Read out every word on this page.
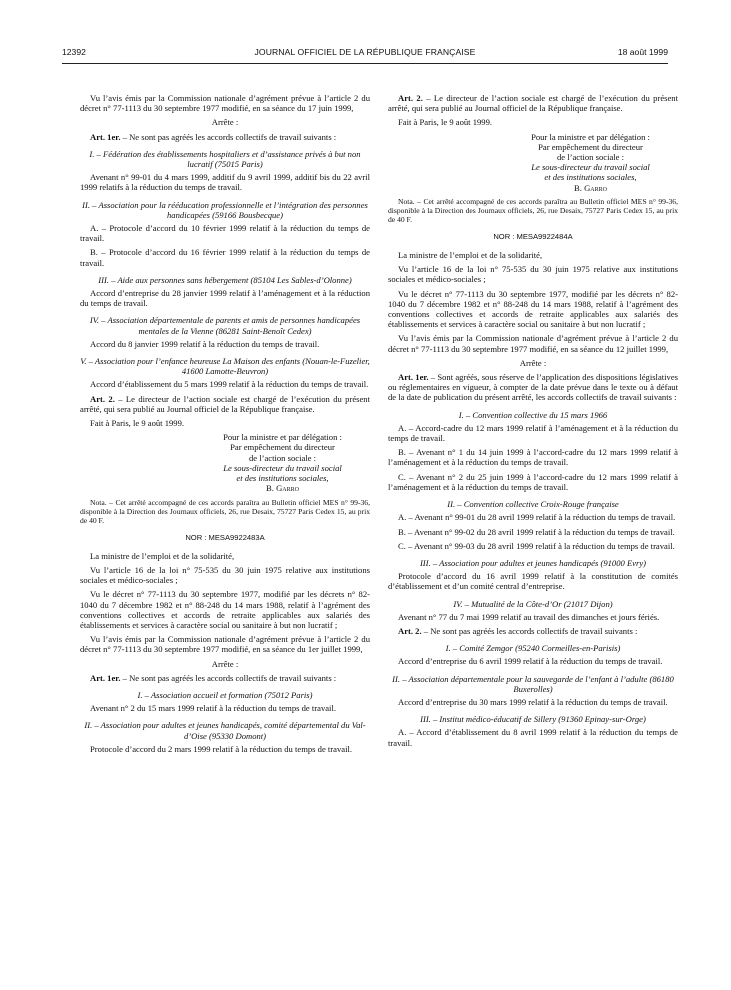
12392	JOURNAL OFFICIEL DE LA RÉPUBLIQUE FRANÇAISE	18 août 1999

Vu l’avis émis par la Commission nationale d’agrément prévue à l’article 2 du décret n° 77-1113 du 30 septembre 1977 modifié, en sa séance du 17 juin 1999,

Arrête :

Art. 1er. – Ne sont pas agréés les accords collectifs de travail suivants :

I. – Fédération des établissements hospitaliers et d’assistance privés à but non lucratif (75015 Paris)

Avenant n° 99-01 du 4 mars 1999, additif du 9 avril 1999, additif bis du 22 avril 1999 relatifs à la réduction du temps de travail.

II. – Association pour la rééducation professionnelle et l’intégration des personnes handicapées (59166 Bousbecque)

A. – Protocole d’accord du 10 février 1999 relatif à la réduction du temps de travail.

B. – Protocole d’accord du 16 février 1999 relatif à la réduction du temps de travail.

III. – Aide aux personnes sans hébergement (85104 Les Sables-d’Olonne)

Accord d’entreprise du 28 janvier 1999 relatif à l’aménagement et à la réduction du temps de travail.

IV. – Association départementale de parents et amis de personnes handicapées mentales de la Vienne (86281 Saint-Benoît Cedex)

Accord du 8 janvier 1999 relatif à la réduction du temps de travail.

V. – Association pour l’enfance heureuse La Maison des enfants (Nouan-le-Fuzelier, 41600 Lamotte-Beuvron)

Accord d’établissement du 5 mars 1999 relatif à la réduction du temps de travail.

Art. 2. – Le directeur de l’action sociale est chargé de l’exécution du présent arrêté, qui sera publié au Journal officiel de la République française.

Fait à Paris, le 9 août 1999.

Pour la ministre et par délégation :
Par empêchement du directeur
de l’action sociale :
Le sous-directeur du travail social
et des institutions sociales,
B. Garro

Nota. – Cet arrêté accompagné de ces accords paraîtra au Bulletin officiel MES n° 99-36, disponible à la Direction des Journaux officiels, 26, rue Desaix, 75727 Paris Cedex 15, au prix de 40 F.

NOR : MESA9922483A

La ministre de l’emploi et de la solidarité,

Vu l’article 16 de la loi n° 75-535 du 30 juin 1975 relative aux institutions sociales et médico-sociales ;

Vu le décret n° 77-1113 du 30 septembre 1977, modifié par les décrets n° 82-1040 du 7 décembre 1982 et n° 88-248 du 14 mars 1988, relatif à l’agrément des conventions collectives et accords de retraite applicables aux salariés des établissements et services à caractère social ou sanitaire à but non lucratif ;

Vu l’avis émis par la Commission nationale d’agrément prévue à l’article 2 du décret n° 77-1113 du 30 septembre 1977 modifié, en sa séance du 1er juillet 1999,

Arrête :

Art. 1er. – Ne sont pas agréés les accords collectifs de travail suivants :

I. – Association accueil et formation (75012 Paris)

Avenant n° 2 du 15 mars 1999 relatif à la réduction du temps de travail.

II. – Association pour adultes et jeunes handicapés, comité départemental du Val-d’Oise (95330 Domont)

Protocole d’accord du 2 mars 1999 relatif à la réduction du temps de travail.

Art. 2. – Le directeur de l’action sociale est chargé de l’exécution du présent arrêté, qui sera publié au Journal officiel de la République française.

Fait à Paris, le 9 août 1999.

Pour la ministre et par délégation :
Par empêchement du directeur
de l’action sociale :
Le sous-directeur du travail social
et des institutions sociales,
B. Garro

Nota. – Cet arrêté accompagné de ces accords paraîtra au Bulletin officiel MES n° 99-36, disponible à la Direction des Journaux officiels, 26, rue Desaix, 75727 Paris Cedex 15, au prix de 40 F.

NOR : MESA9922484A

La ministre de l’emploi et de la solidarité,

Vu l’article 16 de la loi n° 75-535 du 30 juin 1975 relative aux institutions sociales et médico-sociales ;

Vu le décret n° 77-1113 du 30 septembre 1977, modifié par les décrets n° 82-1040 du 7 décembre 1982 et n° 88-248 du 14 mars 1988, relatif à l’agrément des conventions collectives et accords de retraite applicables aux salariés des établissements et services à caractère social ou sanitaire à but non lucratif ;

Vu l’avis émis par la Commission nationale d’agrément prévue à l’article 2 du décret n° 77-1113 du 30 septembre 1977 modifié, en sa séance du 12 juillet 1999,

Arrête :

Art. 1er. – Sont agréés, sous réserve de l’application des dispositions législatives ou réglementaires en vigueur, à compter de la date prévue dans le texte ou à défaut de la date de publication du présent arrêté, les accords collectifs de travail suivants :

I. – Convention collective du 15 mars 1966

A. – Accord-cadre du 12 mars 1999 relatif à l’aménagement et à la réduction du temps de travail.

B. – Avenant n° 1 du 14 juin 1999 à l’accord-cadre du 12 mars 1999 relatif à l’aménagement et à la réduction du temps de travail.

C. – Avenant n° 2 du 25 juin 1999 à l’accord-cadre du 12 mars 1999 relatif à l’aménagement et à la réduction du temps de travail.

II. – Convention collective Croix-Rouge française

A. – Avenant n° 99-01 du 28 avril 1999 relatif à la réduction du temps de travail.

B. – Avenant n° 99-02 du 28 avril 1999 relatif à la réduction du temps de travail.

C. – Avenant n° 99-03 du 28 avril 1999 relatif à la réduction du temps de travail.

III. – Association pour adultes et jeunes handicapés (91000 Evry)

Protocole d’accord du 16 avril 1999 relatif à la constitution de comités d’établissement et d’un comité central d’entreprise.

IV. – Mutualité de la Côte-d’Or (21017 Dijon)

Avenant n° 77 du 7 mai 1999 relatif au travail des dimanches et jours fériés.

Art. 2. – Ne sont pas agréés les accords collectifs de travail suivants :

I. – Comité Zemgor (95240 Cormeilles-en-Parisis)

Accord d’entreprise du 6 avril 1999 relatif à la réduction du temps de travail.

II. – Association départementale pour la sauvegarde de l’enfant à l’adulte (86180 Buxerolles)

Accord d’entreprise du 30 mars 1999 relatif à la réduction du temps de travail.

III. – Institut médico-éducatif de Sillery (91360 Epinay-sur-Orge)

A. – Accord d’établissement du 8 avril 1999 relatif à la réduction du temps de travail.
